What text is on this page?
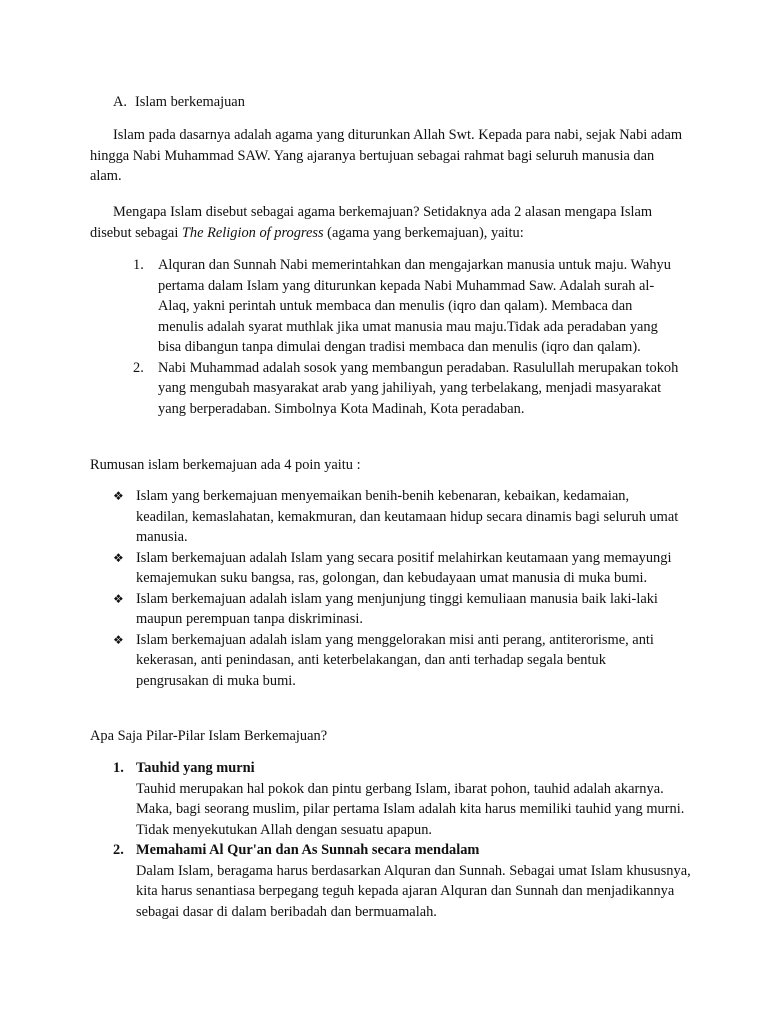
A. Islam berkemajuan

Islam pada dasarnya adalah agama yang diturunkan Allah Swt. Kepada para nabi, sejak Nabi adam hingga Nabi Muhammad SAW. Yang ajaranya bertujuan sebagai rahmat bagi seluruh manusia dan alam.

Mengapa Islam disebut sebagai agama berkemajuan? Setidaknya ada 2 alasan mengapa Islam disebut sebagai The Religion of progress (agama yang berkemajuan), yaitu:

1. Alquran dan Sunnah Nabi memerintahkan dan mengajarkan manusia untuk maju. Wahyu pertama dalam Islam yang diturunkan kepada Nabi Muhammad Saw. Adalah surah al-Alaq, yakni perintah untuk membaca dan menulis (iqro dan qalam). Membaca dan menulis adalah syarat muthlak jika umat manusia mau maju.Tidak ada peradaban yang bisa dibangun tanpa dimulai dengan tradisi membaca dan menulis (iqro dan qalam).
2. Nabi Muhammad adalah sosok yang membangun peradaban. Rasulullah merupakan tokoh yang mengubah masyarakat arab yang jahiliyah, yang terbelakang, menjadi masyarakat yang berperadaban. Simbolnya Kota Madinah, Kota peradaban.

Rumusan islam berkemajuan ada 4 poin yaitu :

❖ Islam yang berkemajuan menyemaikan benih-benih kebenaran, kebaikan, kedamaian, keadilan, kemaslahatan, kemakmuran, dan keutamaan hidup secara dinamis bagi seluruh umat manusia.
❖ Islam berkemajuan adalah Islam yang secara positif melahirkan keutamaan yang memayungi kemajemukan suku bangsa, ras, golongan, dan kebudayaan umat manusia di muka bumi.
❖ Islam berkemajuan adalah islam yang menjunjung tinggi kemuliaan manusia baik laki-laki maupun perempuan tanpa diskriminasi.
❖ Islam berkemajuan adalah islam yang menggelorakan misi anti perang, antiterorisme, anti kekerasan, anti penindasan, anti keterbelakangan, dan anti terhadap segala bentuk pengrusakan di muka bumi.

Apa Saja Pilar-Pilar Islam Berkemajuan?

1. Tauhid yang murni
Tauhid merupakan hal pokok dan pintu gerbang Islam, ibarat pohon, tauhid adalah akarnya. Maka, bagi seorang muslim, pilar pertama Islam adalah kita harus memiliki tauhid yang murni. Tidak menyekutukan Allah dengan sesuatu apapun.
2. Memahami Al Qur'an dan As Sunnah secara mendalam
Dalam Islam, beragama harus berdasarkan Alquran dan Sunnah. Sebagai umat Islam khususnya, kita harus senantiasa berpegang teguh kepada ajaran Alquran dan Sunnah dan menjadikannya sebagai dasar di dalam beribadah dan bermuamalah.
